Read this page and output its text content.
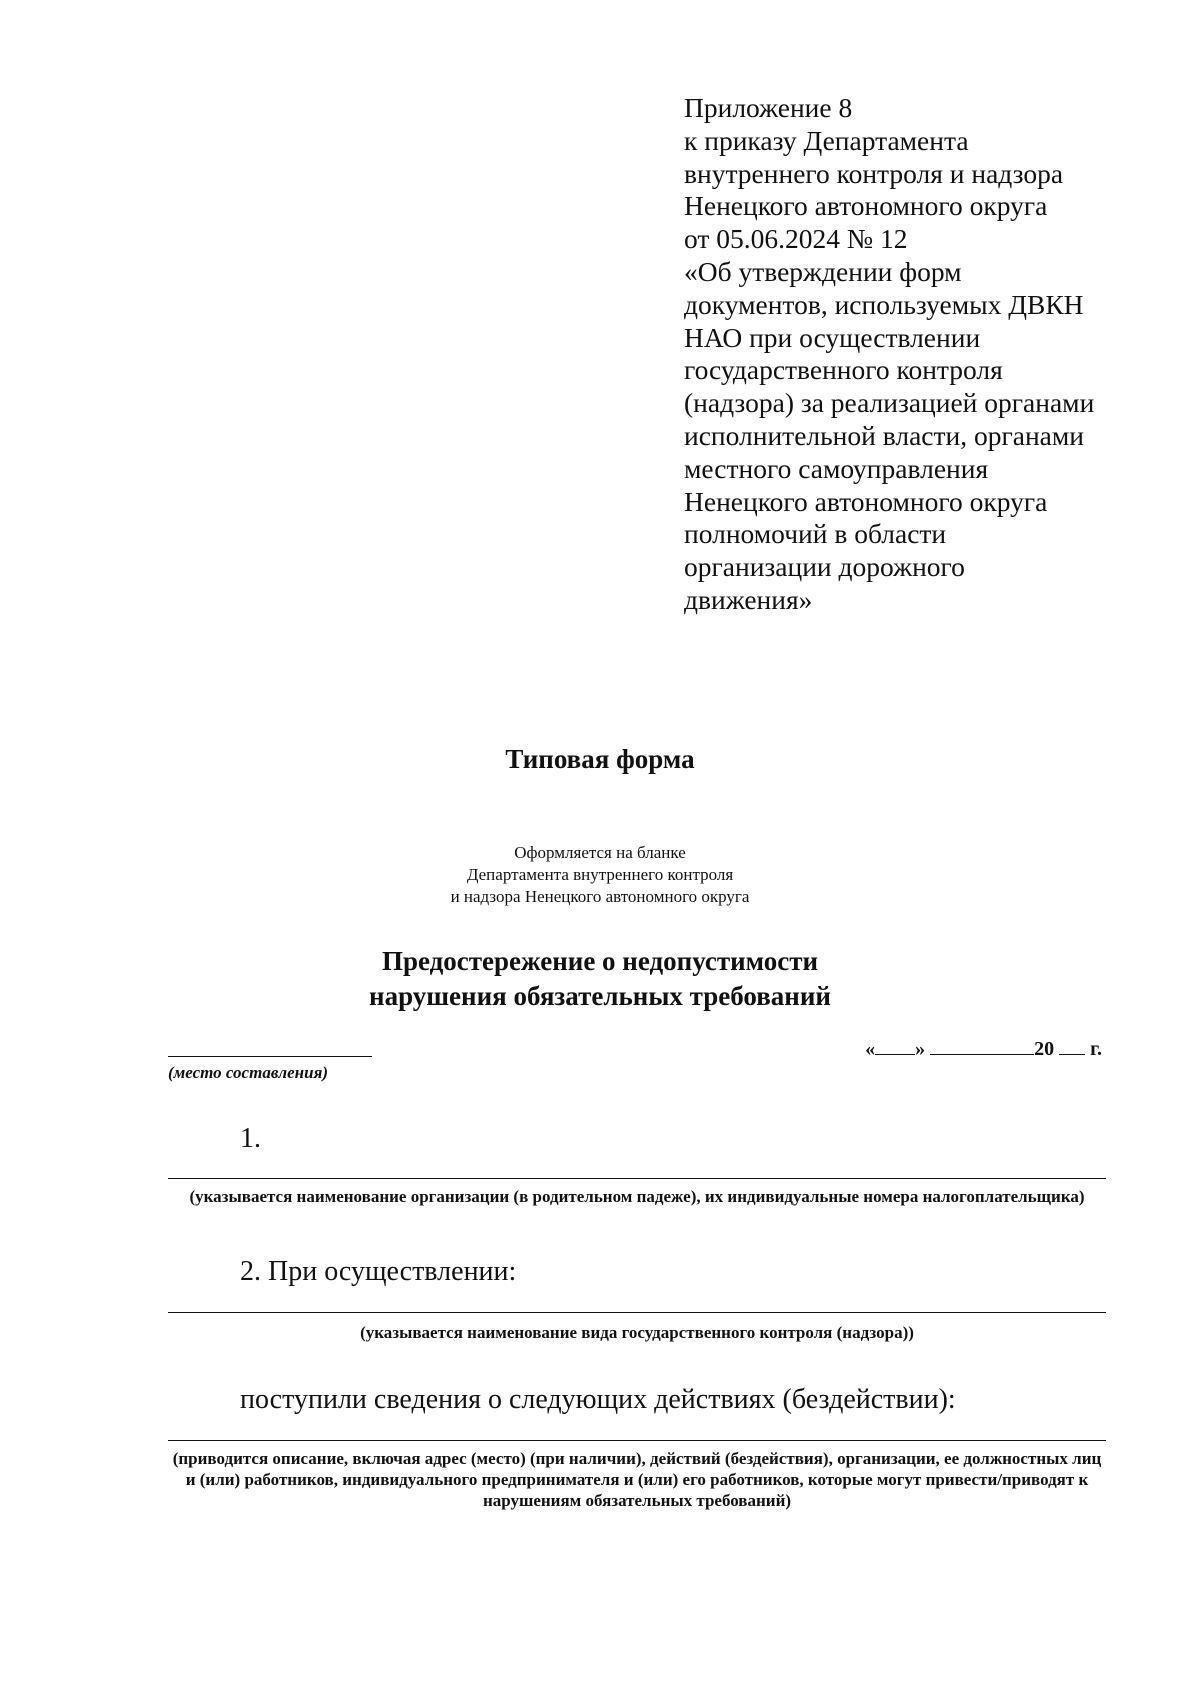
Приложение 8
к приказу Департамента
внутреннего контроля и надзора
Ненецкого автономного округа
от 05.06.2024 № 12
«Об утверждении форм
документов, используемых ДВКН
НАО при осуществлении
государственного контроля
(надзора) за реализацией органами
исполнительной власти, органами
местного самоуправления
Ненецкого автономного округа
полномочий в области
организации дорожного
движения»
Типовая форма
Оформляется на бланке
Департамента внутреннего контроля
и надзора Ненецкого автономного округа
Предостережение о недопустимости
нарушения обязательных требований
(место составления)
« »	20 г.
1.
(указывается наименование организации (в родительном падеже), их индивидуальные номера налогоплательщика)
2. При осуществлении:
(указывается наименование вида государственного контроля (надзора))
поступили сведения о следующих действиях (бездействии):
(приводится описание, включая адрес (место) (при наличии), действий (бездействия), организации, ее должностных лиц и (или) работников, индивидуального предпринимателя и (или) его работников, которые могут привести/приводят к нарушениям обязательных требований)
